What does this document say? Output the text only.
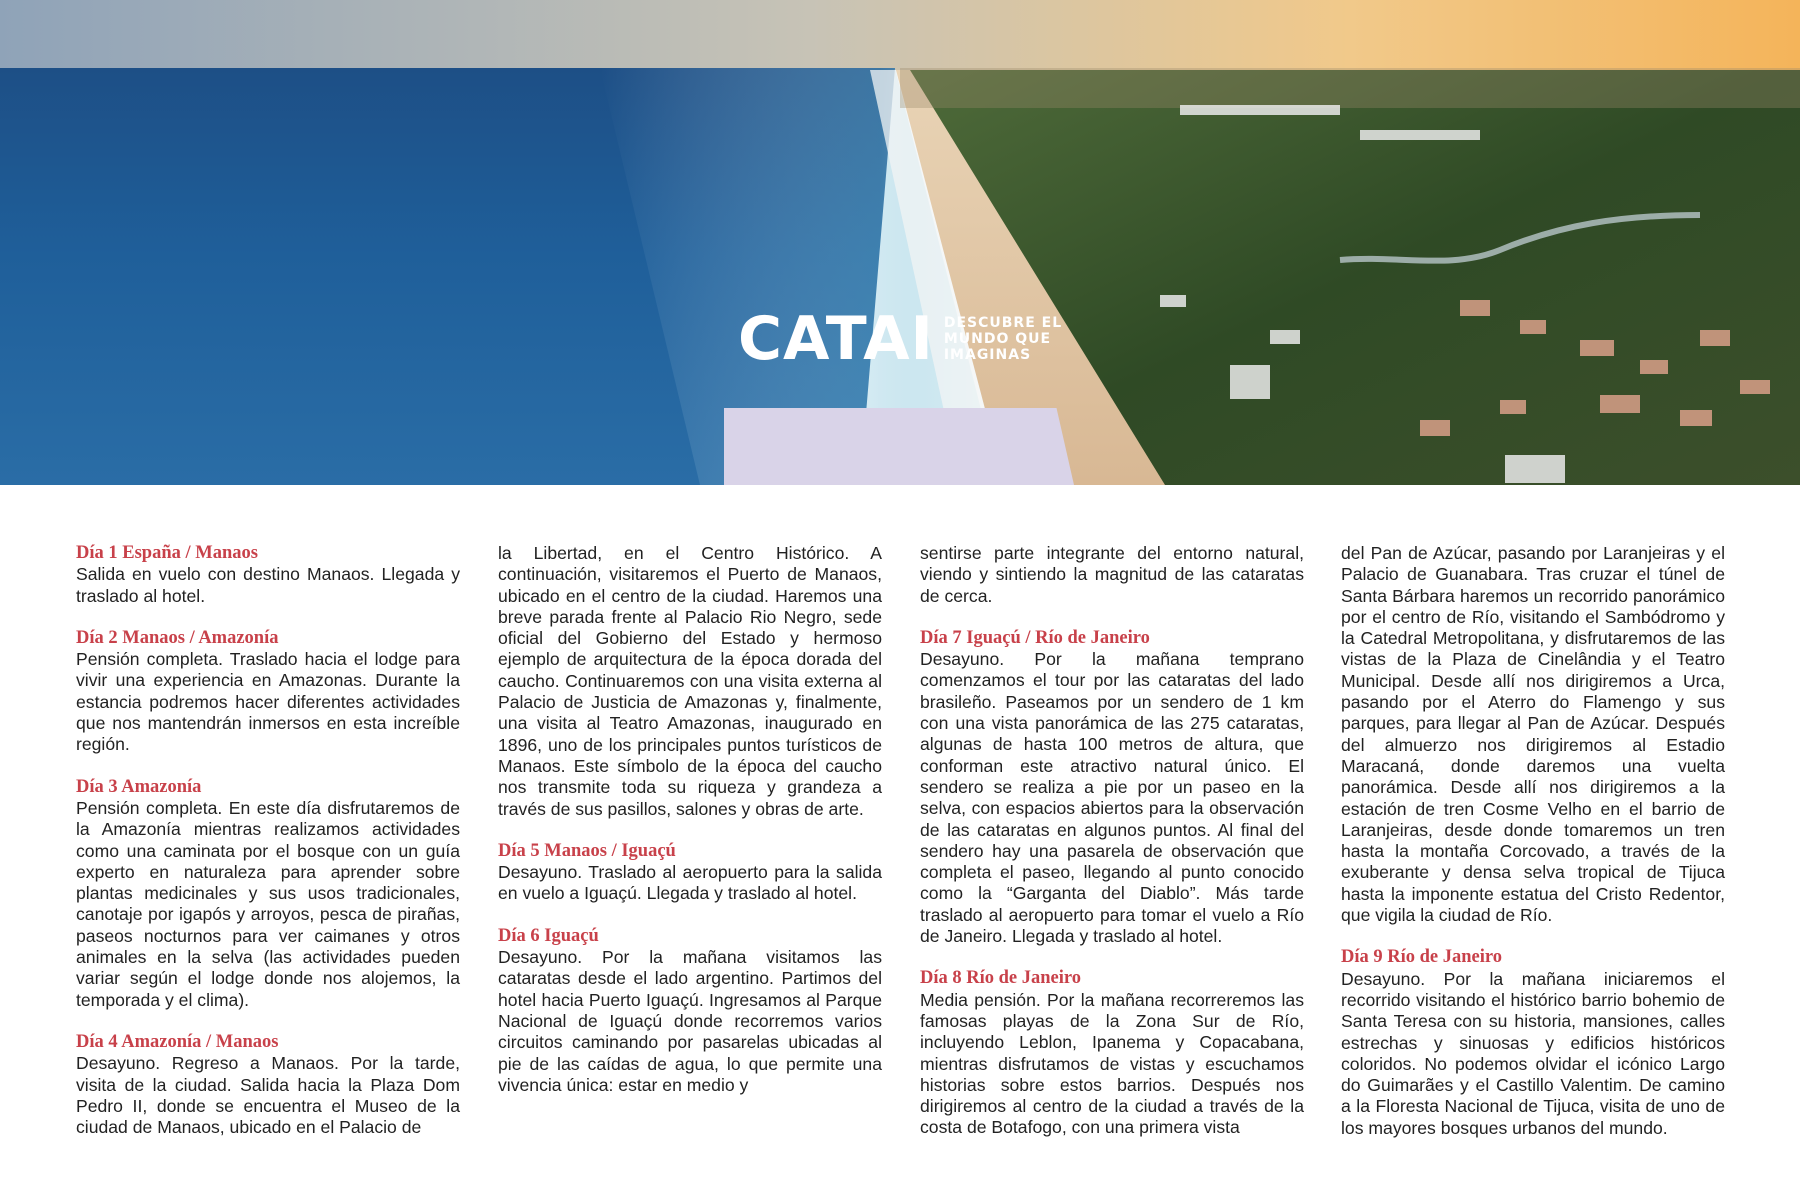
CATAI DESCUBRE EL
MUNDO QUE
IMAGINAS
Día 1 España / Manaos
Salida en vuelo con destino Manaos. Llegada y traslado al hotel.
Día 2 Manaos / Amazonía
Pensión completa. Traslado hacia el lodge para vivir una experiencia en Amazonas. Durante la estancia podremos hacer diferentes actividades que nos mantendrán inmersos en esta increíble región.
Día 3 Amazonía
Pensión completa. En este día disfrutaremos de la Amazonía mientras realizamos actividades como una caminata por el bosque con un guía experto en naturaleza para aprender sobre plantas medicinales y sus usos tradicionales, canotaje por igapós y arroyos, pesca de pirañas, paseos nocturnos para ver caimanes y otros animales en la selva (las actividades pueden variar según el lodge donde nos alojemos, la temporada y el clima).
Día 4 Amazonía / Manaos
Desayuno. Regreso a Manaos. Por la tarde, visita de la ciudad. Salida hacia la Plaza Dom Pedro II, donde se encuentra el Museo de la ciudad de Manaos, ubicado en el Palacio de
la Libertad, en el Centro Histórico. A continuación, visitaremos el Puerto de Manaos, ubicado en el centro de la ciudad. Haremos una breve parada frente al Palacio Rio Negro, sede oficial del Gobierno del Estado y hermoso ejemplo de arquitectura de la época dorada del caucho. Continuaremos con una visita externa al Palacio de Justicia de Amazonas y, finalmente, una visita al Teatro Amazonas, inaugurado en 1896, uno de los principales puntos turísticos de Manaos. Este símbolo de la época del caucho nos transmite toda su riqueza y grandeza a través de sus pasillos, salones y obras de arte.
Día 5 Manaos / Iguaçú
Desayuno. Traslado al aeropuerto para la salida en vuelo a Iguaçú. Llegada y traslado al hotel.
Día 6 Iguaçú
Desayuno. Por la mañana visitamos las cataratas desde el lado argentino. Partimos del hotel hacia Puerto Iguaçú. Ingresamos al Parque Nacional de Iguaçú donde recorremos varios circuitos caminando por pasarelas ubicadas al pie de las caídas de agua, lo que permite una vivencia única: estar en medio y
sentirse parte integrante del entorno natural, viendo y sintiendo la magnitud de las cataratas de cerca.
Día 7 Iguaçú / Río de Janeiro
Desayuno. Por la mañana temprano comenzamos el tour por las cataratas del lado brasileño. Paseamos por un sendero de 1 km con una vista panorámica de las 275 cataratas, algunas de hasta 100 metros de altura, que conforman este atractivo natural único. El sendero se realiza a pie por un paseo en la selva, con espacios abiertos para la observación de las cataratas en algunos puntos. Al final del sendero hay una pasarela de observación que completa el paseo, llegando al punto conocido como la “Garganta del Diablo”. Más tarde traslado al aeropuerto para tomar el vuelo a Río de Janeiro. Llegada y traslado al hotel.
Día 8 Río de Janeiro
Media pensión. Por la mañana recorreremos las famosas playas de la Zona Sur de Río, incluyendo Leblon, Ipanema y Copacabana, mientras disfrutamos de vistas y escuchamos historias sobre estos barrios. Después nos dirigiremos al centro de la ciudad a través de la costa de Botafogo, con una primera vista
del Pan de Azúcar, pasando por Laranjeiras y el Palacio de Guanabara. Tras cruzar el túnel de Santa Bárbara haremos un recorrido panorámico por el centro de Río, visitando el Sambódromo y la Catedral Metropolitana, y disfrutaremos de las vistas de la Plaza de Cinelândia y el Teatro Municipal. Desde allí nos dirigiremos a Urca, pasando por el Aterro do Flamengo y sus parques, para llegar al Pan de Azúcar. Después del almuerzo nos dirigiremos al Estadio Maracaná, donde daremos una vuelta panorámica. Desde allí nos dirigiremos a la estación de tren Cosme Velho en el barrio de Laranjeiras, desde donde tomaremos un tren hasta la montaña Corcovado, a través de la exuberante y densa selva tropical de Tijuca hasta la imponente estatua del Cristo Redentor, que vigila la ciudad de Río.
Día 9 Río de Janeiro
Desayuno. Por la mañana iniciaremos el recorrido visitando el histórico barrio bohemio de Santa Teresa con su historia, mansiones, calles estrechas y sinuosas y edificios históricos coloridos. No podemos olvidar el icónico Largo do Guimarães y el Castillo Valentim. De camino a la Floresta Nacional de Tijuca, visita de uno de los mayores bosques urbanos del mundo.
